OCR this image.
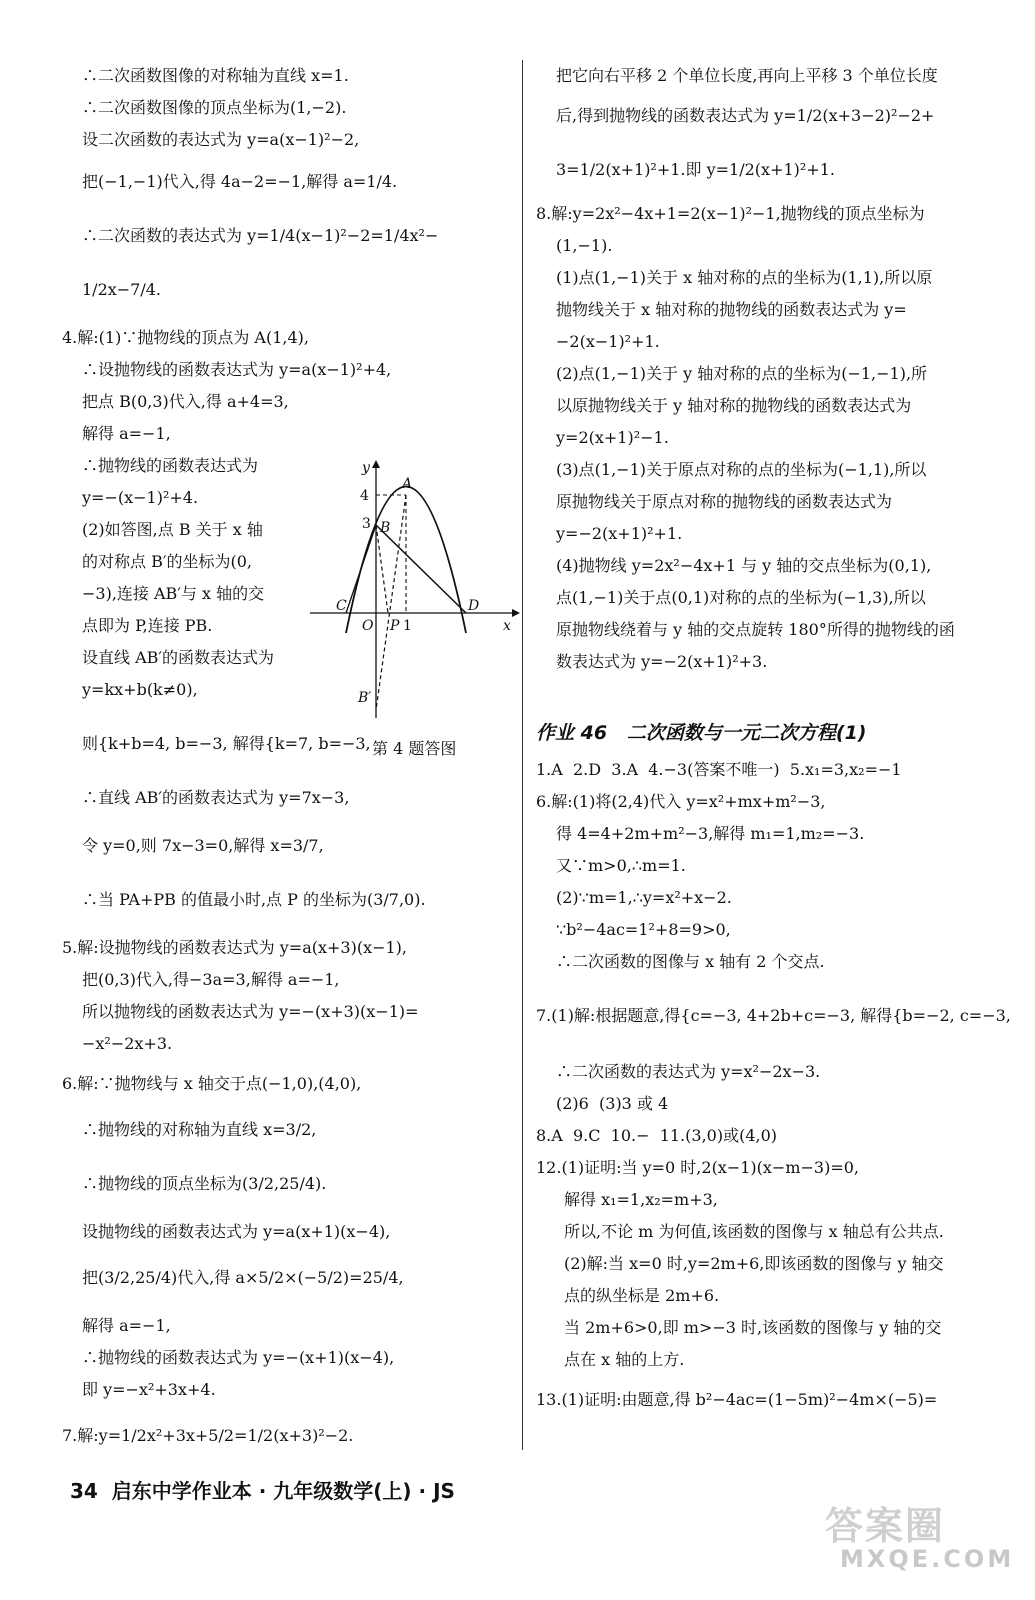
∴二次函数图像的对称轴为直线 x=1.
∴二次函数图像的顶点坐标为(1,−2).
设二次函数的表达式为 y=a(x−1)²−2,
把(−1,−1)代入,得 4a−2=−1,解得 a=1/4.
∴二次函数的表达式为 y=1/4(x−1)²−2=1/4x²−
1/2x−7/4.
4.解:(1)∵抛物线的顶点为 A(1,4),
∴设抛物线的函数表达式为 y=a(x−1)²+4,
把点 B(0,3)代入,得 a+4=3,
解得 a=−1,
∴抛物线的函数表达式为
y=−(x−1)²+4.
(2)如答图,点 B 关于 x 轴
的对称点 B′的坐标为(0,
−3),连接 AB′与 x 轴的交
点即为 P,连接 PB.
设直线 AB′的函数表达式为
y=kx+b(k≠0),
则{k+b=4, b=−3, 解得{k=7, b=−3,
∴直线 AB′的函数表达式为 y=7x−3,
令 y=0,则 7x−3=0,解得 x=3/7,
∴当 PA+PB 的值最小时,点 P 的坐标为(3/7,0).
5.解:设抛物线的函数表达式为 y=a(x+3)(x−1),
把(0,3)代入,得−3a=3,解得 a=−1,
所以抛物线的函数表达式为 y=−(x+3)(x−1)=
−x²−2x+3.
6.解:∵抛物线与 x 轴交于点(−1,0),(4,0),
∴抛物线的对称轴为直线 x=3/2,
∴抛物线的顶点坐标为(3/2,25/4).
设抛物线的函数表达式为 y=a(x+1)(x−4),
把(3/2,25/4)代入,得 a×5/2×(−5/2)=25/4,
解得 a=−1,
∴抛物线的函数表达式为 y=−(x+1)(x−4),
即 y=−x²+3x+4.
7.解:y=1/2x²+3x+5/2=1/2(x+3)²−2.
作业 46   二次函数与一元二次方程(1)
把它向右平移 2 个单位长度,再向上平移 3 个单位长度
后,得到抛物线的函数表达式为 y=1/2(x+3−2)²−2+
3=1/2(x+1)²+1.即 y=1/2(x+1)²+1.
8.解:y=2x²−4x+1=2(x−1)²−1,抛物线的顶点坐标为
(1,−1).
(1)点(1,−1)关于 x 轴对称的点的坐标为(1,1),所以原
抛物线关于 x 轴对称的抛物线的函数表达式为 y=
−2(x−1)²+1.
(2)点(1,−1)关于 y 轴对称的点的坐标为(−1,−1),所
以原抛物线关于 y 轴对称的抛物线的函数表达式为
y=2(x+1)²−1.
(3)点(1,−1)关于原点对称的点的坐标为(−1,1),所以
原抛物线关于原点对称的抛物线的函数表达式为
y=−2(x+1)²+1.
(4)抛物线 y=2x²−4x+1 与 y 轴的交点坐标为(0,1),
点(1,−1)关于点(0,1)对称的点的坐标为(−1,3),所以
原抛物线绕着与 y 轴的交点旋转 180°所得的抛物线的函
数表达式为 y=−2(x+1)²+3.
1.A  2.D  3.A  4.−3(答案不唯一)  5.x₁=3,x₂=−1
6.解:(1)将(2,4)代入 y=x²+mx+m²−3,
得 4=4+2m+m²−3,解得 m₁=1,m₂=−3.
又∵m>0,∴m=1.
(2)∵m=1,∴y=x²+x−2.
∵b²−4ac=1²+8=9>0,
∴二次函数的图像与 x 轴有 2 个交点.
7.(1)解:根据题意,得{c=−3, 4+2b+c=−3, 解得{b=−2, c=−3,
∴二次函数的表达式为 y=x²−2x−3.
(2)6  (3)3 或 4
8.A  9.C  10.−  11.(3,0)或(4,0)
12.(1)证明:当 y=0 时,2(x−1)(x−m−3)=0,
解得 x₁=1,x₂=m+3,
所以,不论 m 为何值,该函数的图像与 x 轴总有公共点.
(2)解:当 x=0 时,y=2m+6,即该函数的图像与 y 轴交
点的纵坐标是 2m+6.
当 2m+6>0,即 m>−3 时,该函数的图像与 y 轴的交
点在 x 轴的上方.
13.(1)证明:由题意,得 b²−4ac=(1−5m)²−4m×(−5)=
y
4
A
3 B
C
O P 1
D
x
B′
第 4 题答图
34  启东中学作业本 · 九年级数学(上) · JS
答案圈
MXQE.COM
